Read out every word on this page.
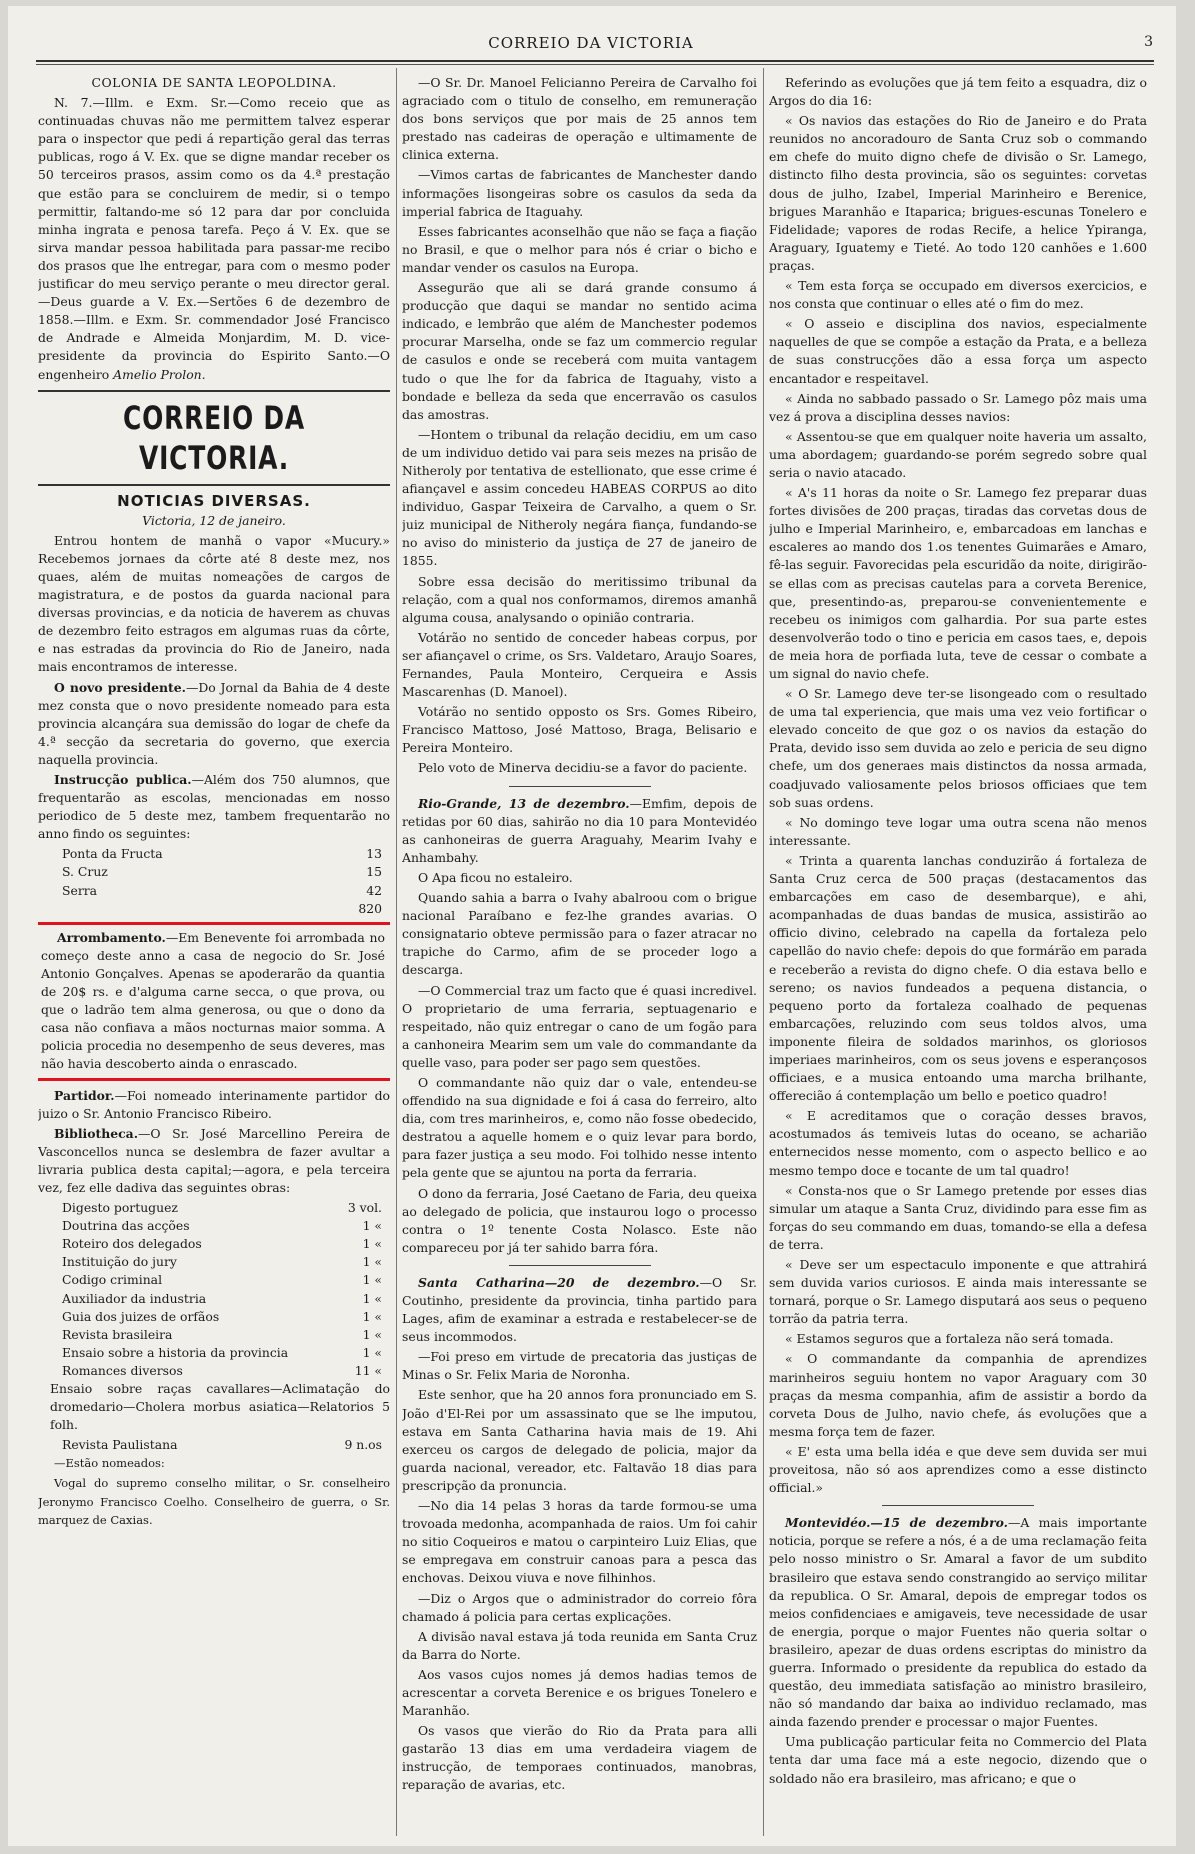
CORREIO DA VICTORIA	3

COLONIA DE SANTA LEOPOLDINA.

N. 7.—Illm. e Exm. Sr.—Como receio que as continuadas chuvas não me permittem talvez esperar para o inspector que pedi á repartição geral das terras publicas, rogo á V. Ex. que se digne mandar receber os 50 terceiros prasos, assim como os da 4.ª prestação que estão para se concluirem de medir, si o tempo permittir, faltando-me só 12 para dar por concluida minha ingrata e penosa tarefa. Peço á V. Ex. que se sirva mandar pessoa habilitada para passar-me recibo dos prasos que lhe entregar, para com o mesmo poder justificar do meu serviço perante o meu director geral.—Deus guarde a V. Ex.—Sertões 6 de dezembro de 1858.—Illm. e Exm. Sr. commendador José Francisco de Andrade e Almeida Monjardim, M. D. vice-presidente da provincia do Espirito Santo.—O engenheiro Amelio Prolon.

CORREIO DA VICTORIA.

NOTICIAS DIVERSAS.

Victoria, 12 de janeiro.

Entrou hontem de manhã o vapor «Mucury.» Recebemos jornaes da côrte até 8 deste mez, nos quaes, além de muitas nomeações de cargos de magistratura, e de postos da guarda nacional para diversas provincias, e da noticia de haverem as chuvas de dezembro feito estragos em algumas ruas da côrte, e nas estradas da provincia do Rio de Janeiro, nada mais encontramos de interesse.

O novo presidente.—Do Jornal da Bahia de 4 deste mez consta que o novo presidente nomeado para esta provincia alcançára sua demissão do logar de chefe da 4.ª secção da secretaria do governo, que exercia naquella provincia.

Instrucção publica.—Além dos 750 alumnos, que frequentarão as escolas, mencionadas em nosso periodico de 5 deste mez, tambem frequentarão no anno findo os seguintes:

Ponta da Fructa	13
S. Cruz	15
Serra	42

820

Arrombamento.—Em Benevente foi arrombada no começo deste anno a casa de negocio do Sr. José Antonio Gonçalves. Apenas se apoderarão da quantia de 20$ rs. e d'alguma carne secca, o que prova, ou que o ladrão tem alma generosa, ou que o dono da casa não confiava a mãos nocturnas maior somma. A policia procedia no desempenho de seus deveres, mas não havia descoberto ainda o enrascado.

Partidor.—Foi nomeado interinamente partidor do juizo o Sr. Antonio Francisco Ribeiro.

Bibliotheca.—O Sr. José Marcellino Pereira de Vasconcellos nunca se deslembra de fazer avultar a livraria publica desta capital;—agora, e pela terceira vez, fez elle dadiva das seguintes obras:

Digesto portuguez	3 vol.
Doutrina das acções	1 «
Roteiro dos delegados	1 «
Instituição do jury	1 «
Codigo criminal	1 «
Auxiliador da industria	1 «
Guia dos juizes de orfãos	1 «
Revista brasileira	1 «
Ensaio sobre a historia da provincia	1 «
Romances diversos	11 «

Ensaio sobre raças cavallares—Aclimatação do dromedario—Cholera morbus asiatica—Relatorios 5 folh.

Revista Paulistana	9 n.os

—Estão nomeados:

Vogal do supremo conselho militar, o Sr. conselheiro Jeronymo Francisco Coelho. Conselheiro de guerra, o Sr. marquez de Caxias.

—O Sr. Dr. Manoel Felicianno Pereira de Carvalho foi agraciado com o titulo de conselho, em remuneração dos bons serviços que por mais de 25 annos tem prestado nas cadeiras de operação e ultimamente de clinica externa.

—Vimos cartas de fabricantes de Manchester dando informações lisongeiras sobre os casulos da seda da imperial fabrica de Itaguahy.

Esses fabricantes aconselhão que não se faça a fiação no Brasil, e que o melhor para nós é criar o bicho e mandar vender os casulos na Europa.

Asseguräo que ali se dará grande consumo á producção que daqui se mandar no sentido acima indicado, e lembrão que além de Manchester podemos procurar Marselha, onde se faz um commercio regular de casulos e onde se receberá com muita vantagem tudo o que lhe for da fabrica de Itaguahy, visto a bondade e belleza da seda que encerravão os casulos das amostras.

—Hontem o tribunal da relação decidiu, em um caso de um individuo detido vai para seis mezes na prisão de Nitheroly por tentativa de estellionato, que esse crime é afiançavel e assim concedeu HABEAS CORPUS ao dito individuo, Gaspar Teixeira de Carvalho, a quem o Sr. juiz municipal de Nitheroly negára fiança, fundando-se no aviso do ministerio da justiça de 27 de janeiro de 1855.

Sobre essa decisão do meritissimo tribunal da relação, com a qual nos conformamos, diremos amanhã alguma cousa, analysando o opinião contraria.

Votárão no sentido de conceder habeas corpus, por ser afiançavel o crime, os Srs. Valdetaro, Araujo Soares, Fernandes, Paula Monteiro, Cerqueira e Assis Mascarenhas (D. Manoel).

Votárão no sentido opposto os Srs. Gomes Ribeiro, Francisco Mattoso, José Mattoso, Braga, Belisario e Pereira Monteiro.

Pelo voto de Minerva decidiu-se a favor do paciente.

Rio-Grande, 13 de dezembro.—Emfim, depois de retidas por 60 dias, sahirão no dia 10 para Montevidéo as canhoneiras de guerra Araguahy, Mearim Ivahy e Anhambahy.

O Apa ficou no estaleiro.

Quando sahia a barra o Ivahy abalroou com o brigue nacional Paraíbano e fez-lhe grandes avarias. O consignatario obteve permissão para o fazer atracar no trapiche do Carmo, afim de se proceder logo a descarga.

—O Commercial traz um facto que é quasi incredivel. O proprietario de uma ferraria, septuagenario e respeitado, não quiz entregar o cano de um fogão para a canhoneira Mearim sem um vale do commandante da quelle vaso, para poder ser pago sem questões.

O commandante não quiz dar o vale, entendeu-se offendido na sua dignidade e foi á casa do ferreiro, alto dia, com tres marinheiros, e, como não fosse obedecido, destratou a aquelle homem e o quiz levar para bordo, para fazer justiça a seu modo. Foi tolhido nesse intento pela gente que se ajuntou na porta da ferraria.

O dono da ferraria, José Caetano de Faria, deu queixa ao delegado de policia, que instaurou logo o processo contra o 1º tenente Costa Nolasco. Este não compareceu por já ter sahido barra fóra.

Santa Catharina—20 de dezembro.—O Sr. Coutinho, presidente da provincia, tinha partido para Lages, afim de examinar a estrada e restabelecer-se de seus incommodos.

—Foi preso em virtude de precatoria das justiças de Minas o Sr. Felix Maria de Noronha.

Este senhor, que ha 20 annos fora pronunciado em S. João d'El-Rei por um assassinato que se lhe imputou, estava em Santa Catharina havia mais de 19. Ahi exerceu os cargos de delegado de policia, major da guarda nacional, vereador, etc. Faltavão 18 dias para prescripção da pronuncia.

—No dia 14 pelas 3 horas da tarde formou-se uma trovoada medonha, acompanhada de raios. Um foi cahir no sitio Coqueiros e matou o carpinteiro Luiz Elias, que se empregava em construir canoas para a pesca das enchovas. Deixou viuva e nove filhinhos.

—Diz o Argos que o administrador do correio fôra chamado á policia para certas explicações.

A divisão naval estava já toda reunida em Santa Cruz da Barra do Norte.

Aos vasos cujos nomes já demos hadias temos de acrescentar a corveta Berenice e os brigues Tonelero e Maranhão.

Os vasos que vierão do Rio da Prata para alli gastarão 13 dias em uma verdadeira viagem de instrucção, de temporaes continuados, manobras, reparação de avarias, etc.

Referindo as evoluções que já tem feito a esquadra, diz o Argos do dia 16:

« Os navios das estações do Rio de Janeiro e do Prata reunidos no ancoradouro de Santa Cruz sob o commando em chefe do muito digno chefe de divisão o Sr. Lamego, distincto filho desta provincia, são os seguintes: corvetas dous de julho, Izabel, Imperial Marinheiro e Berenice, brigues Maranhão e Itaparica; brigues-escunas Tonelero e Fidelidade; vapores de rodas Recife, a helice Ypiranga, Araguary, Iguatemy e Tieté. Ao todo 120 canhões e 1.600 praças.

« Tem esta força se occupado em diversos exercicios, e nos consta que continuar o elles até o fim do mez.

« O asseio e disciplina dos navios, especialmente naquelles de que se compõe a estação da Prata, e a belleza de suas construcções dão a essa força um aspecto encantador e respeitavel.

« Ainda no sabbado passado o Sr. Lamego pôz mais uma vez á prova a disciplina desses navios:

« Assentou-se que em qualquer noite haveria um assalto, uma abordagem; guardando-se porém segredo sobre qual seria o navio atacado.

« A's 11 horas da noite o Sr. Lamego fez preparar duas fortes divisões de 200 praças, tiradas das corvetas dous de julho e Imperial Marinheiro, e, embarcadoas em lanchas e escaleres ao mando dos 1.os tenentes Guimarães e Amaro, fê-las seguir. Favorecidas pela escuridão da noite, dirigirão-se ellas com as precisas cautelas para a corveta Berenice, que, presentindo-as, preparou-se convenientemente e recebeu os inimigos com galhardia. Por sua parte estes desenvolverão todo o tino e pericia em casos taes, e, depois de meia hora de porfiada luta, teve de cessar o combate a um signal do navio chefe.

« O Sr. Lamego deve ter-se lisongeado com o resultado de uma tal experiencia, que mais uma vez veio fortificar o elevado conceito de que goz o os navios da estação do Prata, devido isso sem duvida ao zelo e pericia de seu digno chefe, um dos generaes mais distinctos da nossa armada, coadjuvado valiosamente pelos briosos officiaes que tem sob suas ordens.

« No domingo teve logar uma outra scena não menos interessante.

« Trinta a quarenta lanchas conduzirão á fortaleza de Santa Cruz cerca de 500 praças (destacamentos das embarcações em caso de desembarque), e ahi, acompanhadas de duas bandas de musica, assistirão ao officio divino, celebrado na capella da fortaleza pelo capellão do navio chefe: depois do que formárão em parada e receberão a revista do digno chefe. O dia estava bello e sereno; os navios fundeados a pequena distancia, o pequeno porto da fortaleza coalhado de pequenas embarcações, reluzindo com seus toldos alvos, uma imponente fileira de soldados marinhos, os gloriosos imperiaes marinheiros, com os seus jovens e esperançosos officiaes, e a musica entoando uma marcha brilhante, offerecião á contemplação um bello e poetico quadro!

« E acreditamos que o coração desses bravos, acostumados ás temiveis lutas do oceano, se acharião enternecidos nesse momento, com o aspecto bellico e ao mesmo tempo doce e tocante de um tal quadro!

« Consta-nos que o Sr Lamego pretende por esses dias simular um ataque a Santa Cruz, dividindo para esse fim as forças do seu commando em duas, tomando-se ella a defesa de terra.

« Deve ser um espectaculo imponente e que attrahirá sem duvida varios curiosos. E ainda mais interessante se tornará, porque o Sr. Lamego disputará aos seus o pequeno torrão da patria terra.

« Estamos seguros que a fortaleza não será tomada.

« O commandante da companhia de aprendizes marinheiros seguiu hontem no vapor Araguary com 30 praças da mesma companhia, afim de assistir a bordo da corveta Dous de Julho, navio chefe, ás evoluções que a mesma força tem de fazer.

« E' esta uma bella idéa e que deve sem duvida ser mui proveitosa, não só aos aprendizes como a esse distincto official.»

Montevidéo.—15 de dezembro.—A mais importante noticia, porque se refere a nós, é a de uma reclamação feita pelo nosso ministro o Sr. Amaral a favor de um subdito brasileiro que estava sendo constrangido ao serviço militar da republica. O Sr. Amaral, depois de empregar todos os meios confidenciaes e amigaveis, teve necessidade de usar de energia, porque o major Fuentes não queria soltar o brasileiro, apezar de duas ordens escriptas do ministro da guerra. Informado o presidente da republica do estado da questão, deu immediata satisfação ao ministro brasileiro, não só mandando dar baixa ao individuo reclamado, mas ainda fazendo prender e processar o major Fuentes.

Uma publicação particular feita no Commercio del Plata tenta dar uma face má a este negocio, dizendo que o soldado não era brasileiro, mas africano; e que o
